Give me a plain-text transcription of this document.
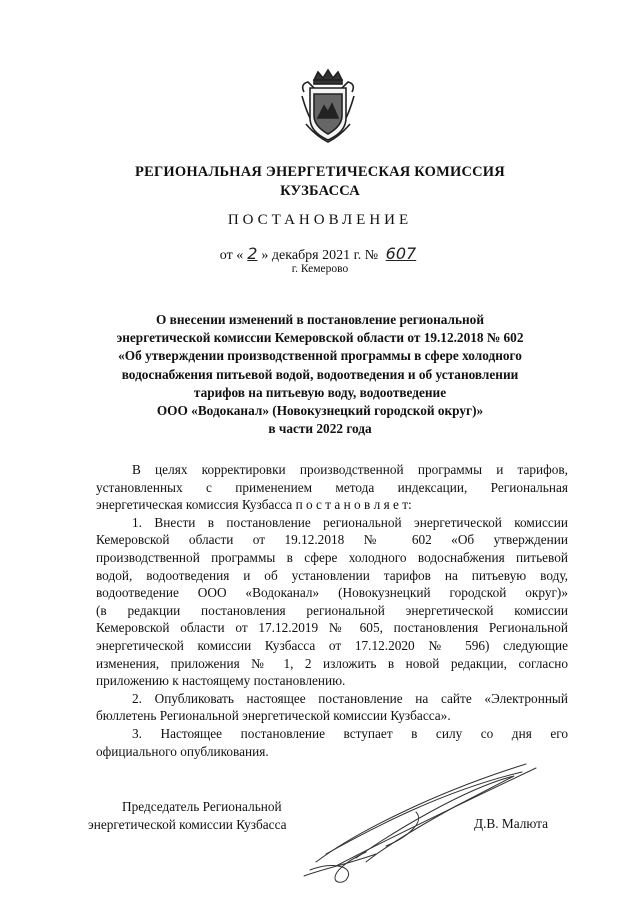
РЕГИОНАЛЬНАЯ ЭНЕРГЕТИЧЕСКАЯ КОМИССИЯ
КУЗБАССА
ПОСТАНОВЛЕНИЕ
от « 2 » декабря 2021 г. № 607
г. Кемерово
О внесении изменений в постановление региональной
энергетической комиссии Кемеровской области от 19.12.2018 № 602
«Об утверждении производственной программы в сфере холодного
водоснабжения питьевой водой, водоотведения и об установлении
тарифов на питьевую воду, водоотведение
ООО «Водоканал» (Новокузнецкий городской округ)»
в части 2022 года
В целях корректировки производственной программы и тарифов,
установленных с применением метода индексации, Региональная
энергетическая комиссия Кузбасса п о с т а н о в л я е т:
1. Внести в постановление региональной энергетической комиссии
Кемеровской области от 19.12.2018 № 602 «Об утверждении
производственной программы в сфере холодного водоснабжения питьевой
водой, водоотведения и об установлении тарифов на питьевую воду,
водоотведение ООО «Водоканал» (Новокузнецкий городской округ)»
(в редакции постановления региональной энергетической комиссии
Кемеровской области от 17.12.2019 № 605, постановления Региональной
энергетической комиссии Кузбасса от 17.12.2020 № 596) следующие
изменения, приложения № 1, 2 изложить в новой редакции, согласно
приложению к настоящему постановлению.
2. Опубликовать настоящее постановление на сайте «Электронный
бюллетень Региональной энергетической комиссии Кузбасса».
3. Настоящее постановление вступает в силу со дня его
официального опубликования.
Председатель Региональной
энергетической комиссии Кузбасса	Д.В. Малюта
